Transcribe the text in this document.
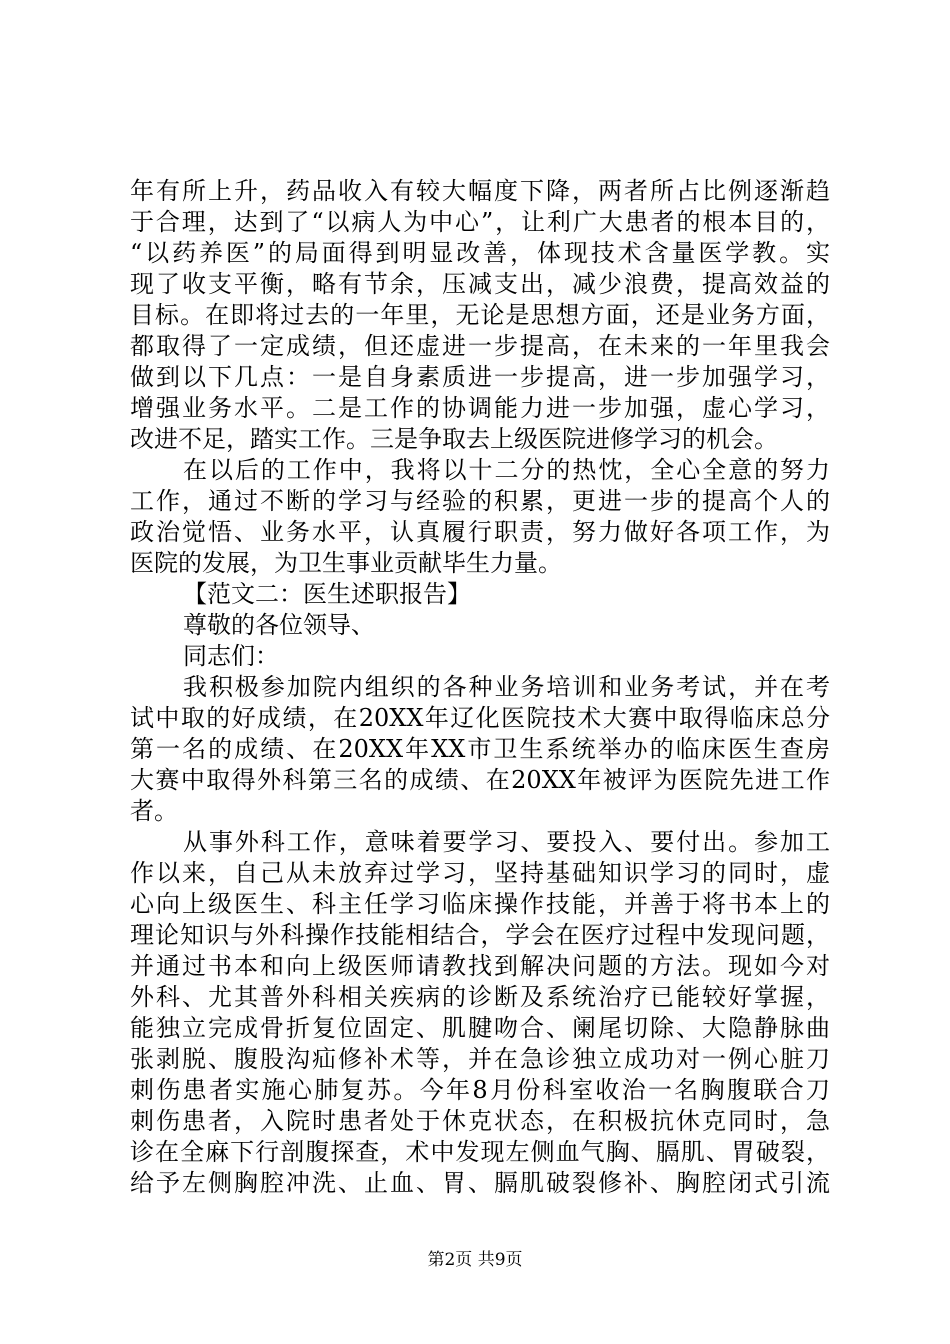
年有所上升，药品收入有较大幅度下降，两者所占比例逐渐趋
于合理，达到了“以病人为中心”，让利广大患者的根本目的，
“以药养医”的局面得到明显改善，体现技术含量医学教。实
现了收支平衡，略有节余，压减支出，减少浪费，提高效益的
目标。在即将过去的一年里，无论是思想方面，还是业务方面，
都取得了一定成绩，但还虚进一步提高，在未来的一年里我会
做到以下几点：一是自身素质进一步提高，进一步加强学习，
增强业务水平。二是工作的协调能力进一步加强，虚心学习，
改进不足，踏实工作。三是争取去上级医院进修学习的机会。
在以后的工作中，我将以十二分的热忱，全心全意的努力
工作，通过不断的学习与经验的积累，更进一步的提高个人的
政治觉悟、业务水平，认真履行职责，努力做好各项工作，为
医院的发展，为卫生事业贡献毕生力量。
【范文二：医生述职报告】
尊敬的各位领导、
同志们：
我积极参加院内组织的各种业务培训和业务考试，并在考
试中取的好成绩，在20XX年辽化医院技术大赛中取得临床总分
第一名的成绩、在20XX年XX市卫生系统举办的临床医生查房
大赛中取得外科第三名的成绩、在20XX年被评为医院先进工作
者。
从事外科工作，意味着要学习、要投入、要付出。参加工
作以来，自己从未放弃过学习，坚持基础知识学习的同时，虚
心向上级医生、科主任学习临床操作技能，并善于将书本上的
理论知识与外科操作技能相结合，学会在医疗过程中发现问题，
并通过书本和向上级医师请教找到解决问题的方法。现如今对
外科、尤其普外科相关疾病的诊断及系统治疗已能较好掌握，
能独立完成骨折复位固定、肌腱吻合、阑尾切除、大隐静脉曲
张剥脱、腹股沟疝修补术等，并在急诊独立成功对一例心脏刀
刺伤患者实施心肺复苏。今年8月份科室收治一名胸腹联合刀
刺伤患者，入院时患者处于休克状态，在积极抗休克同时，急
诊在全麻下行剖腹探查，术中发现左侧血气胸、膈肌、胃破裂，
给予左侧胸腔冲洗、止血、胃、膈肌破裂修补、胸腔闭式引流
第2页 共9页
